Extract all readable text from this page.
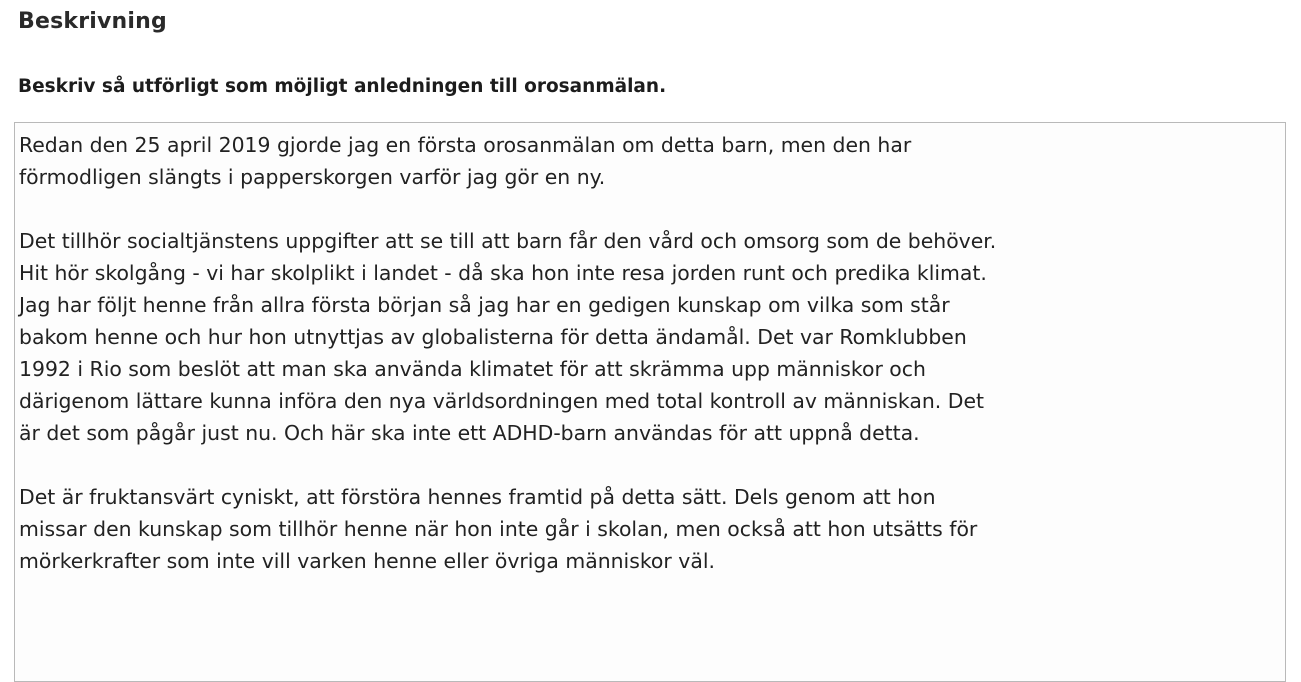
Beskrivning

Beskriv så utförligt som möjligt anledningen till orosanmälan.

Redan den 25 april 2019 gjorde jag en första orosanmälan om detta barn, men den har
förmodligen slängts i papperskorgen varför jag gör en ny.

Det tillhör socialtjänstens uppgifter att se till att barn får den vård och omsorg som de behöver.
Hit hör skolgång - vi har skolplikt i landet - då ska hon inte resa jorden runt och predika klimat.
Jag har följt henne från allra första början så jag har en gedigen kunskap om vilka som står
bakom henne och hur hon utnyttjas av globalisterna för detta ändamål. Det var Romklubben
1992 i Rio som beslöt att man ska använda klimatet för att skrämma upp människor och
därigenom lättare kunna införa den nya världsordningen med total kontroll av människan. Det
är det som pågår just nu. Och här ska inte ett ADHD-barn användas för att uppnå detta.

Det är fruktansvärt cyniskt, att förstöra hennes framtid på detta sätt. Dels genom att hon
missar den kunskap som tillhör henne när hon inte går i skolan, men också att hon utsätts för
mörkerkrafter som inte vill varken henne eller övriga människor väl.
